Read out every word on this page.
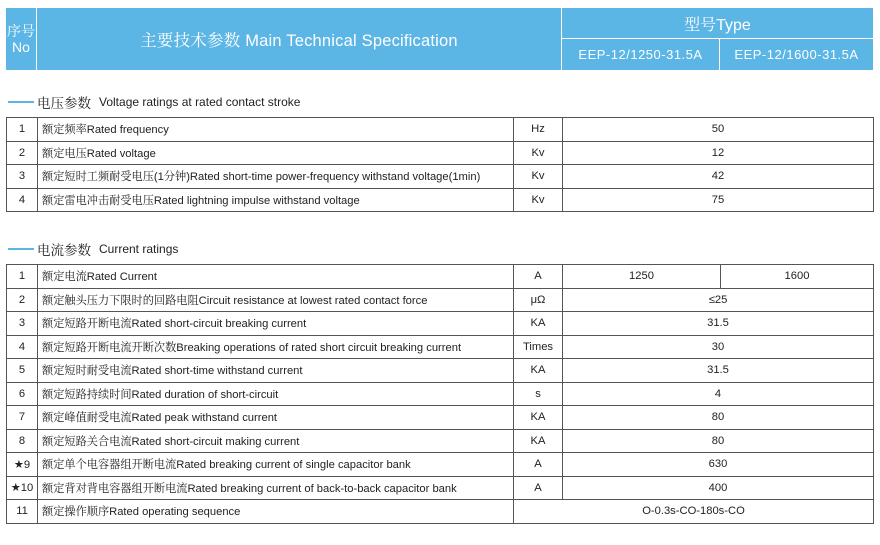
序号
No	主要技术参数 Main Technical Specification
型号Type
EEP-12/1250-31.5A	EEP-12/1600-31.5A
电压参数 Voltage ratings at rated contact stroke
1	额定频率Rated frequency	Hz	50
2	额定电压Rated voltage	Kv	12
3	额定短时工频耐受电压(1分钟)Rated short-time power-frequency withstand voltage(1min)	Kv	42
4	额定雷电冲击耐受电压Rated lightning impulse withstand voltage	Kv	75
电流参数 Current ratings
1	额定电流Rated Current	A	1250	1600
2	额定触头压力下限时的回路电阻Circuit resistance at lowest rated contact force	μΩ	≤25	
3	额定短路开断电流Rated short-circuit breaking current	KA	31.5	
4	额定短路开断电流开断次数Breaking operations of rated short circuit breaking current	Times	30	
5	额定短时耐受电流Rated short-time withstand current	KA	31.5	
6	额定短路持续时间Rated duration of short-circuit	s	4	
7	额定峰值耐受电流Rated peak withstand current	KA	80	
8	额定短路关合电流Rated short-circuit making current	KA	80	
★9	额定单个电容器组开断电流Rated breaking current of single capacitor bank	A	630	
★10	额定背对背电容器组开断电流Rated breaking current of back-to-back capacitor bank	A	400	
11	额定操作顺序Rated operating sequence	O-0.3s-CO-180s-CO		
